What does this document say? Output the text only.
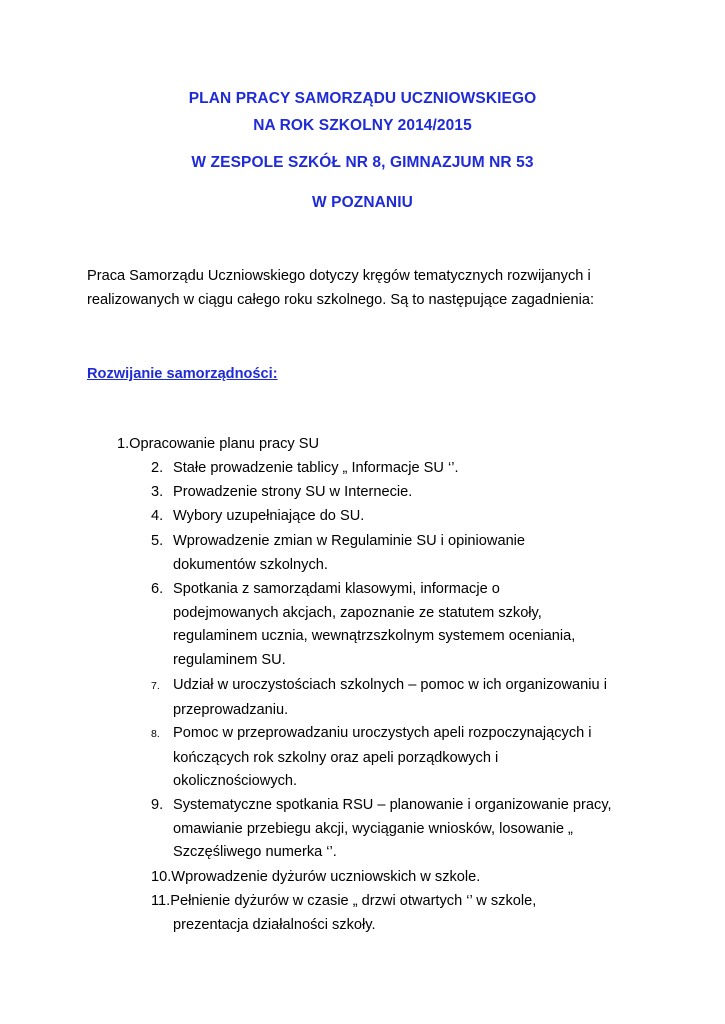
PLAN PRACY SAMORZĄDU UCZNIOWSKIEGO
NA ROK SZKOLNY 2014/2015
W ZESPOLE SZKÓŁ NR 8, GIMNAZJUM NR 53
W POZNANIU
Praca Samorządu Uczniowskiego dotyczy kręgów tematycznych rozwijanych i
realizowanych w ciągu całego roku szkolnego. Są to następujące zagadnienia:
Rozwijanie samorządności:
1.Opracowanie planu pracy SU
2. Stałe prowadzenie tablicy „ Informacje SU ‘’.
3. Prowadzenie strony SU w Internecie.
4. Wybory uzupełniające do SU.
5. Wprowadzenie zmian w Regulaminie SU i opiniowanie
dokumentów szkolnych.
6. Spotkania z samorządami klasowymi, informacje o
podejmowanych akcjach, zapoznanie ze statutem szkoły,
regulaminem ucznia, wewnątrzszkolnym systemem oceniania,
regulaminem SU.
7. Udział w uroczystościach szkolnych – pomoc w ich organizowaniu i
przeprowadzaniu.
8. Pomoc w przeprowadzaniu uroczystych apeli rozpoczynających i
kończących rok szkolny oraz apeli porządkowych i
okolicznościowych.
9. Systematyczne spotkania RSU – planowanie i organizowanie pracy,
omawianie przebiegu akcji, wyciąganie wniosków, losowanie „
Szczęśliwego numerka ‘’.
10.Wprowadzenie dyżurów uczniowskich w szkole.
11.Pełnienie dyżurów w czasie „ drzwi otwartych ‘’ w szkole,
prezentacja działalności szkoły.
